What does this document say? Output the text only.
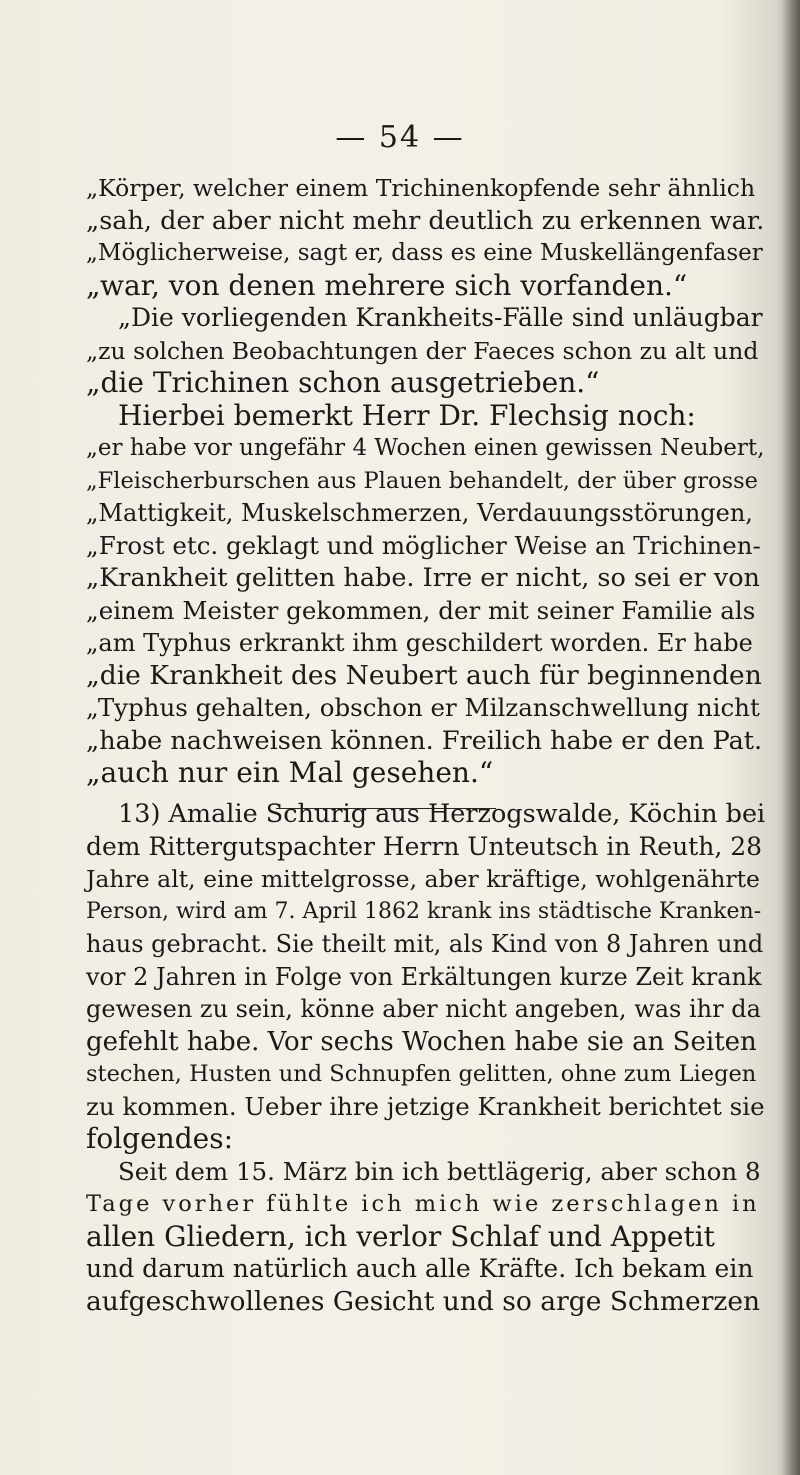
— 54 —
„Körper, welcher einem Trichinenkopfende sehr ähnlich
„sah, der aber nicht mehr deutlich zu erkennen war.
„Möglicherweise, sagt er, dass es eine Muskellängenfaser
„war, von denen mehrere sich vorfanden.“
„Die vorliegenden Krankheits-Fälle sind unläugbar
„zu solchen Beobachtungen der Faeces schon zu alt und
„die Trichinen schon ausgetrieben.“
Hierbei bemerkt Herr Dr. Flechsig noch:
„er habe vor ungefähr 4 Wochen einen gewissen Neubert,
„Fleischerburschen aus Plauen behandelt, der über grosse
„Mattigkeit, Muskelschmerzen, Verdauungsstörungen,
„Frost etc. geklagt und möglicher Weise an Trichinen-
„Krankheit gelitten habe. Irre er nicht, so sei er von
„einem Meister gekommen, der mit seiner Familie als
„am Typhus erkrankt ihm geschildert worden. Er habe
„die Krankheit des Neubert auch für beginnenden
„Typhus gehalten, obschon er Milzanschwellung nicht
„habe nachweisen können. Freilich habe er den Pat.
„auch nur ein Mal gesehen.“
13) Amalie Schurig aus Herzogswalde, Köchin bei
dem Rittergutspachter Herrn Unteutsch in Reuth, 28
Jahre alt, eine mittelgrosse, aber kräftige, wohlgenährte
Person, wird am 7. April 1862 krank ins städtische Kranken-
haus gebracht. Sie theilt mit, als Kind von 8 Jahren und
vor 2 Jahren in Folge von Erkältungen kurze Zeit krank
gewesen zu sein, könne aber nicht angeben, was ihr da
gefehlt habe. Vor sechs Wochen habe sie an Seiten
stechen, Husten und Schnupfen gelitten, ohne zum Liegen
zu kommen. Ueber ihre jetzige Krankheit berichtet sie
folgendes:
Seit dem 15. März bin ich bettlägerig, aber schon 8
Tage vorher fühlte ich mich wie zerschlagen in
allen Gliedern, ich verlor Schlaf und Appetit
und darum natürlich auch alle Kräfte. Ich bekam ein
aufgeschwollenes Gesicht und so arge Schmerzen
